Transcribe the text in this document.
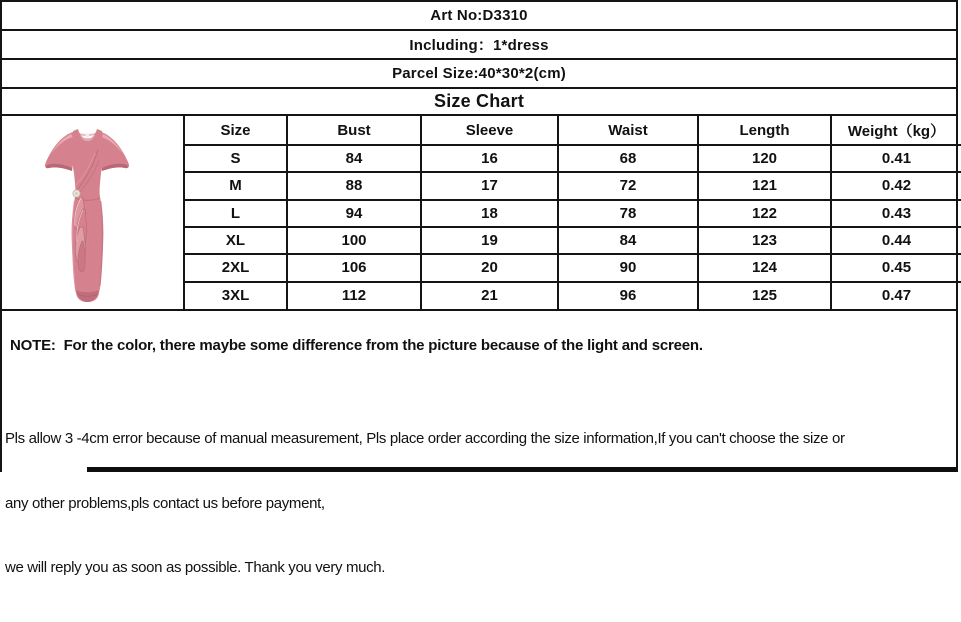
Art No:D3310
Including：1*dress
Parcel Size:40*30*2(cm)
Size Chart
Size	Bust	Sleeve	Waist	Length	Weight（kg）
S	84	16	68	120	0.41
M	88	17	72	121	0.42
L	94	18	78	122	0.43
XL	100	19	84	123	0.44
2XL	106	20	90	124	0.45
3XL	112	21	96	125	0.47
NOTE:  For the color, there maybe some difference from the picture because of the light and screen.

Pls allow 3 -4cm error because of manual measurement, Pls place order according the size information,If you can't choose the size or

any other problems,pls contact us before payment,

we will reply you as soon as possible. Thank you very much.
